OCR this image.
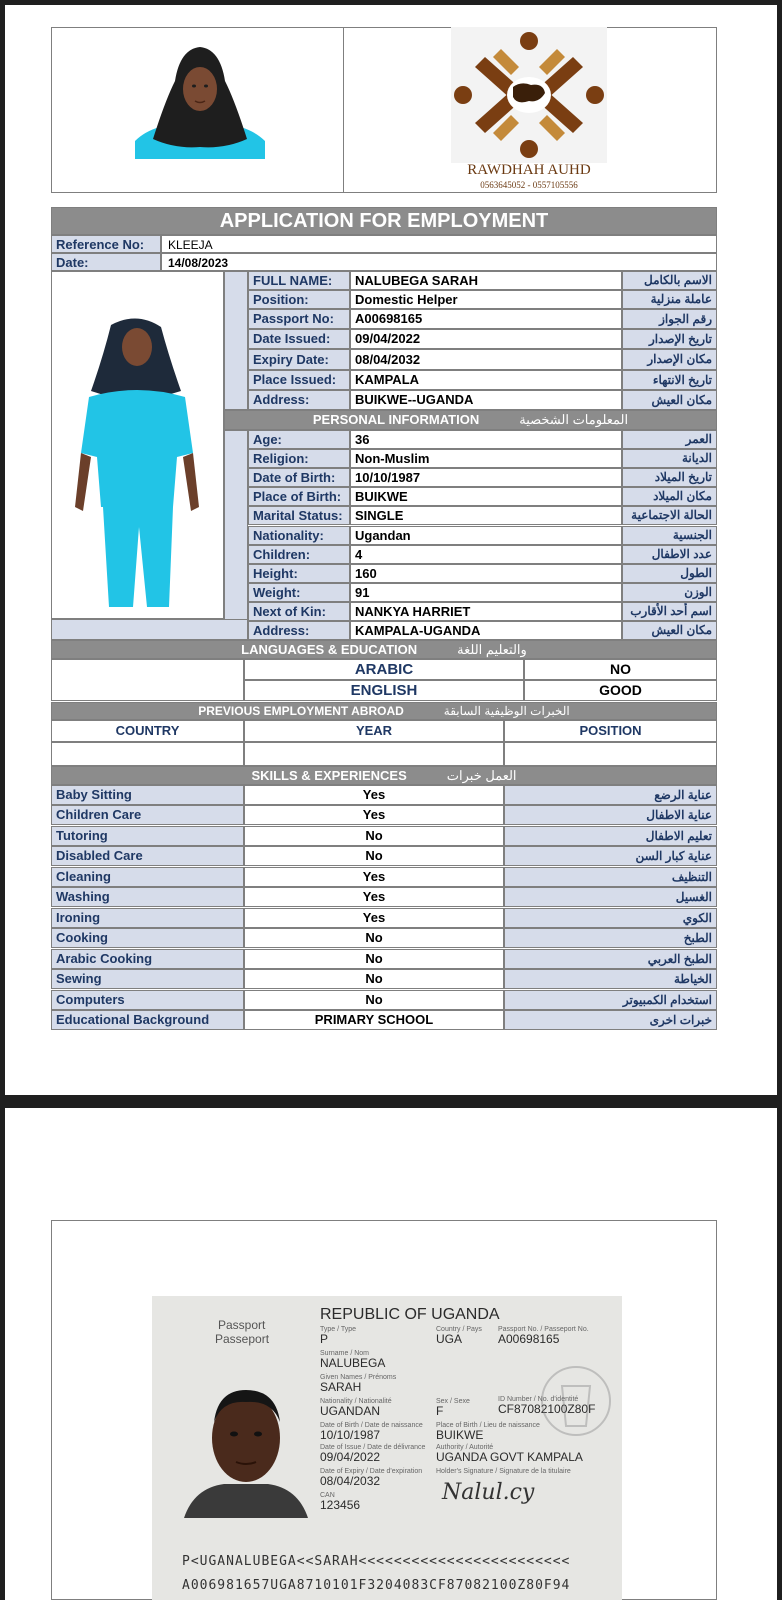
RAWDHAH AUHD
0563645052 - 0557105556
APPLICATION FOR EMPLOYMENT
Reference No:	KLEEJA
Date:	14/08/2023
FULL NAME:	NALUBEGA SARAH	الاسم بالكامل
Position:	Domestic Helper	عاملة منزلية
Passport No:	A00698165	رقم الجواز
Date Issued:	09/04/2022	تاريخ الإصدار
Expiry Date:	08/04/2032	مكان الإصدار
Place Issued:	KAMPALA	تاريخ الانتهاء
Address:	BUIKWE--UGANDA	مكان العيش
PERSONAL INFORMATION	المعلومات الشخصية
Age:	36	العمر
Religion:	Non-Muslim	الديانة
Date of Birth:	10/10/1987	تاريخ الميلاد
Place of Birth:	BUIKWE	مكان الميلاد
Marital Status: SINGLE	الحالة الاجتماعية
Nationality:	Ugandan	الجنسية
Children:	4	عدد الاطفال
Height:	160	الطول
Weight:	91	الوزن
Next of Kin:	NANKYA HARRIET	اسم أحد الأقارب
Address:	KAMPALA-UGANDA	مكان العيش
LANGUAGES & EDUCATION	والتعليم اللغة
ARABIC	NO
ENGLISH	GOOD
PREVIOUS EMPLOYMENT ABROAD	الخبرات الوظيفية السابقة
COUNTRY	YEAR	POSITION
SKILLS & EXPERIENCES	العمل خبرات
Baby Sitting	Yes	عناية الرضع
Children Care	Yes	عناية الاطفال
Tutoring	No	تعليم الاطفال
Disabled Care	No	عناية كبار السن
Cleaning	Yes	التنظيف
Washing	Yes	الغسيل
Ironing	Yes	الكوي
Cooking	No	الطبخ
Arabic Cooking	No	الطبخ العربي
Sewing	No	الخياطة
Computers	No	استخدام الكمبيوتر
Educational Background	PRIMARY SCHOOL	خبرات اخرى
Passport
Passeport
REPUBLIC OF UGANDA
Type / Type
P
Country / Pays
UGA
Passport No. / Passeport No.
A00698165
Surname / Nom
NALUBEGA
Given Names / Prénoms
SARAH
Nationality / Nationalité
UGANDAN
Sex / Sexe
F
ID Number / No. d'identité
CF87082100Z80F
Date of Birth / Date de naissance
10/10/1987
Place of Birth / Lieu de naissance
BUIKWE
Date of Issue / Date de délivrance
09/04/2022
Authority / Autorité
UGANDA GOVT KAMPALA
Date of Expiry / Date d'expiration
08/04/2032
Holder's Signature / Signature de la titulaire
CAN
123456	Nalul.cy
P<UGANALUBEGA<<SARAH<<<<<<<<<<<<<<<<<<<<<<<<
A006981657UGA8710101F3204083CF87082100Z80F94
